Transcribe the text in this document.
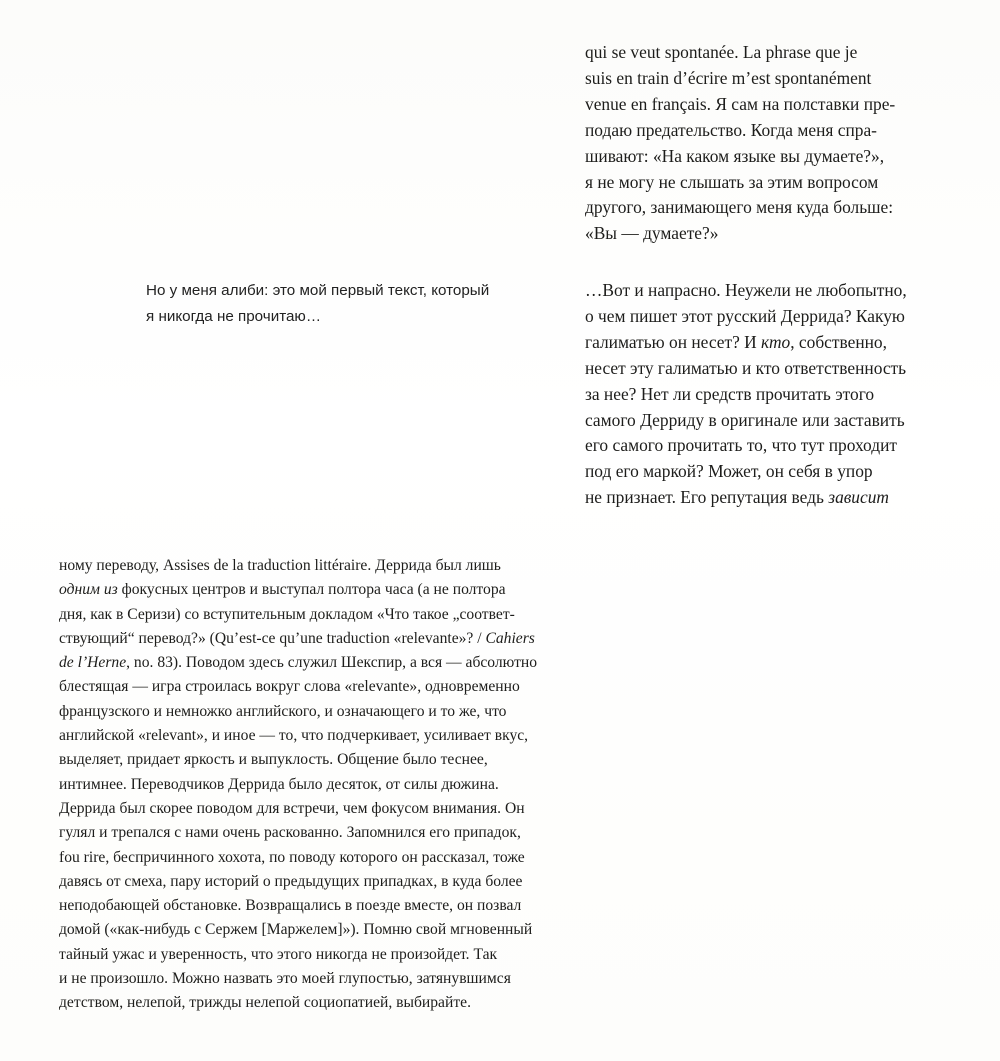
qui se veut spontanée. La phrase que je
suis en train d’écrire m’est spontanément
venue en français. Я сам на полставки пре-
подаю предательство. Когда меня спра-
шивают: «На каком языке вы думаете?»,
я не могу не слышать за этим вопросом
другого, занимающего меня куда больше:
«Вы — думаете?»
Но у меня алиби: это мой первый текст, который
я никогда не прочитаю…
…Вот и напрасно. Неужели не любопытно,
о чем пишет этот русский Деррида? Какую
галиматью он несет? И кто, собственно,
несет эту галиматью и кто ответственность
за нее? Нет ли средств прочитать этого
самого Дерриду в оригинале или заставить
его самого прочитать то, что тут проходит
под его маркой? Может, он себя в упор
не признает. Его репутация ведь зависит
ному переводу, Assises de la traduction littéraire. Деррида был лишь
одним из фокусных центров и выступал полтора часа (а не полтора
дня, как в Серизи) со вступительным докладом «Что такое „соответ-
ствующий“ перевод?» (Qu’est-ce qu’une traduction «relevante»? / Cahiers
de l’Herne, no. 83). Поводом здесь служил Шекспир, а вся — абсолютно
блестящая — игра строилась вокруг слова «relevante», одновременно
французского и немножко английского, и означающего и то же, что
английской «relevant», и иное — то, что подчеркивает, усиливает вкус,
выделяет, придает яркость и выпуклость. Общение было теснее,
интимнее. Переводчиков Деррида было десяток, от силы дюжина.
Деррида был скорее поводом для встречи, чем фокусом внимания. Он
гулял и трепался с нами очень раскованно. Запомнился его припадок,
fou rire, беспричинного хохота, по поводу которого он рассказал, тоже
давясь от смеха, пару историй о предыдущих припадках, в куда более
неподобающей обстановке. Возвращались в поезде вместе, он позвал
домой («как-нибудь с Сержем [Маржелем]»). Помню свой мгновенный
тайный ужас и уверенность, что этого никогда не произойдет. Так
и не произошло. Можно назвать это моей глупостью, затянувшимся
детством, нелепой, трижды нелепой социопатией, выбирайте.
